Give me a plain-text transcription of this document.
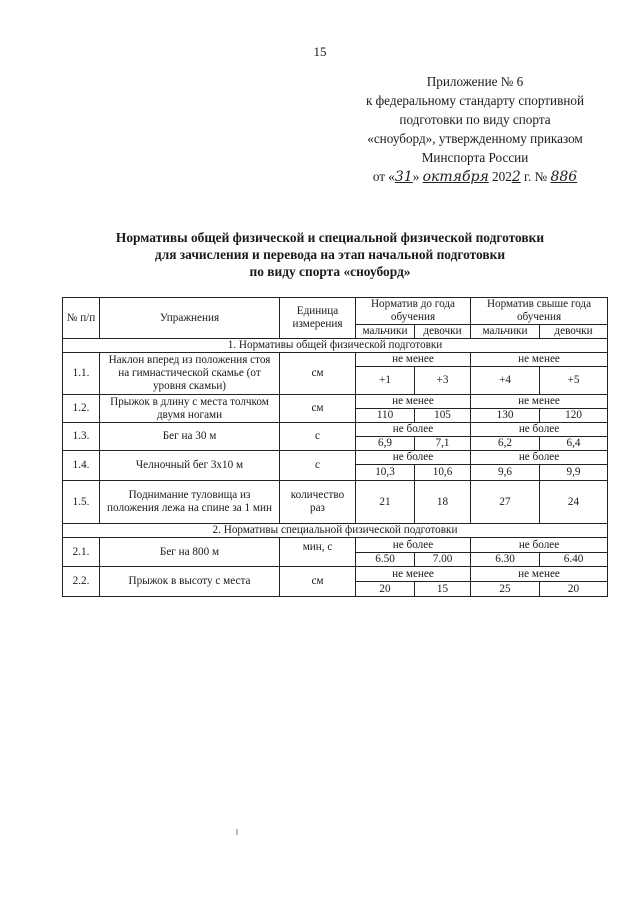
15
Приложение № 6
к федеральному стандарту спортивной
подготовки по виду спорта
«сноуборд», утвержденному приказом
Минспорта России
от «31» октября 2022 г. № 886
Нормативы общей физической и специальной физической подготовки
для зачисления и перевода на этап начальной подготовки
по виду спорта «сноуборд»
№ п/п	Упражнения	Единица измерения	Норматив до года обучения		Норматив свыше года обучения	
			мальчики	девочки	мальчики	девочки
1. Нормативы общей физической подготовки						
1.1.	Наклон вперед из положения стоя на гимнастической скамье (от уровня скамьи)	см	не менее		не менее	
			+1	+3	+4	+5
1.2.	Прыжок в длину с места толчком двумя ногами	см	не менее		не менее	
			110	105	130	120
1.3.	Бег на 30 м	с	не более		не более	
			6,9	7,1	6,2	6,4
1.4.	Челночный бег 3х10 м	с	не более		не более	
			10,3	10,6	9,6	9,9
1.5.	Поднимание туловища из положения лежа на спине за 1 мин	количество раз	21	18	27	24
2. Нормативы специальной физической подготовки						
2.1.	Бег на 800 м	мин, с	не более		не более	
			6.50	7.00	6.30	6.40
2.2.	Прыжок в высоту с места	см	не менее		не менее	
			20	15	25	20
